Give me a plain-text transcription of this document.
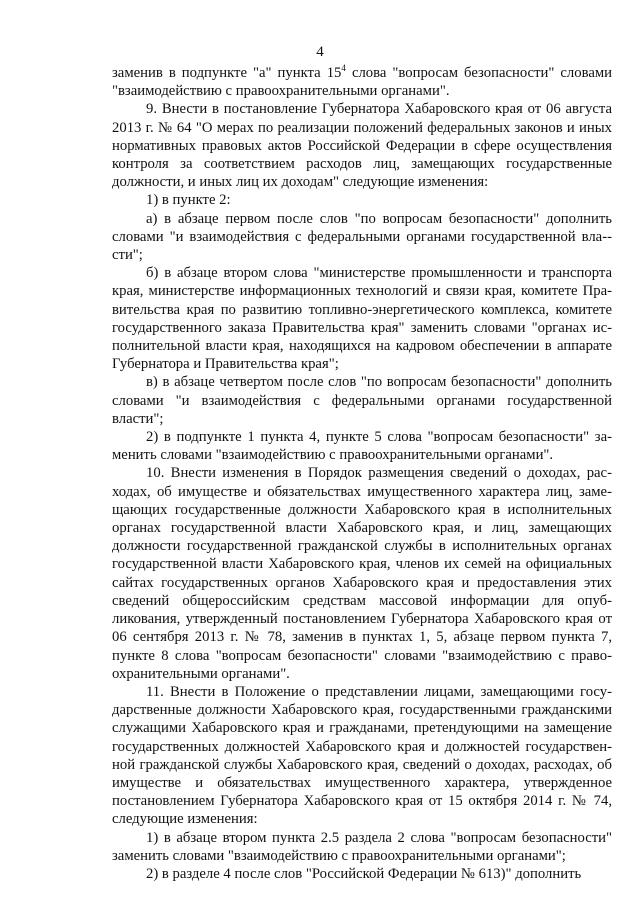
4

заменив в подпункте "а" пункта $15^4$ слова "вопросам безопасности" словами "взаимодействию с правоохранительными органами".

9. Внести в постановление Губернатора Хабаровского края от 06 августа 2013 г. № 64 "О мерах по реализации положений федеральных законов и иных нормативных правовых актов Российской Федерации в сфере осуществления контроля за соответствием расходов лиц, замещающих государственные должности, и иных лиц их доходам" следующие изменения:

1) в пункте 2:

а) в абзаце первом после слов "по вопросам безопасности" дополнить словами "и взаимодействия с федеральными органами государственной вла-сти";

б) в абзаце втором слова "министерстве промышленности и транспорта края, министерстве информационных технологий и связи края, комитете Правительства края по развитию топливно-энергетического комплекса, комитете государственного заказа Правительства края" заменить словами "органах исполнительной власти края, находящихся на кадровом обеспечении в аппарате Губернатора и Правительства края";

в) в абзаце четвертом после слов "по вопросам безопасности" дополнить словами "и взаимодействия с федеральными органами государственной власти";

2) в подпункте 1 пункта 4, пункте 5 слова "вопросам безопасности" заменить словами "взаимодействию с правоохранительными органами".

10. Внести изменения в Порядок размещения сведений о доходах, расходах, об имуществе и обязательствах имущественного характера лиц, замещающих государственные должности Хабаровского края в исполнительных органах государственной власти Хабаровского края, и лиц, замещающих должности государственной гражданской службы в исполнительных органах государственной власти Хабаровского края, членов их семей на официальных сайтах государственных органов Хабаровского края и предоставления этих сведений общероссийским средствам массовой информации для опубликования, утвержденный постановлением Губернатора Хабаровского края от 06 сентября 2013 г. № 78, заменив в пунктах 1, 5, абзаце первом пункта 7, пункте 8 слова "вопросам безопасности" словами "взаимодействию с правоохранительными органами".

11. Внести в Положение о представлении лицами, замещающими государственные должности Хабаровского края, государственными гражданскими служащими Хабаровского края и гражданами, претендующими на замещение государственных должностей Хабаровского края и должностей государственной гражданской службы Хабаровского края, сведений о доходах, расходах, об имуществе и обязательствах имущественного характера, утвержденное постановлением Губернатора Хабаровского края от 15 октября 2014 г. № 74, следующие изменения:

1) в абзаце втором пункта 2.5 раздела 2 слова "вопросам безопасности" заменить словами "взаимодействию с правоохранительными органами";

2) в разделе 4 после слов "Российской Федерации № 613)" дополнить
